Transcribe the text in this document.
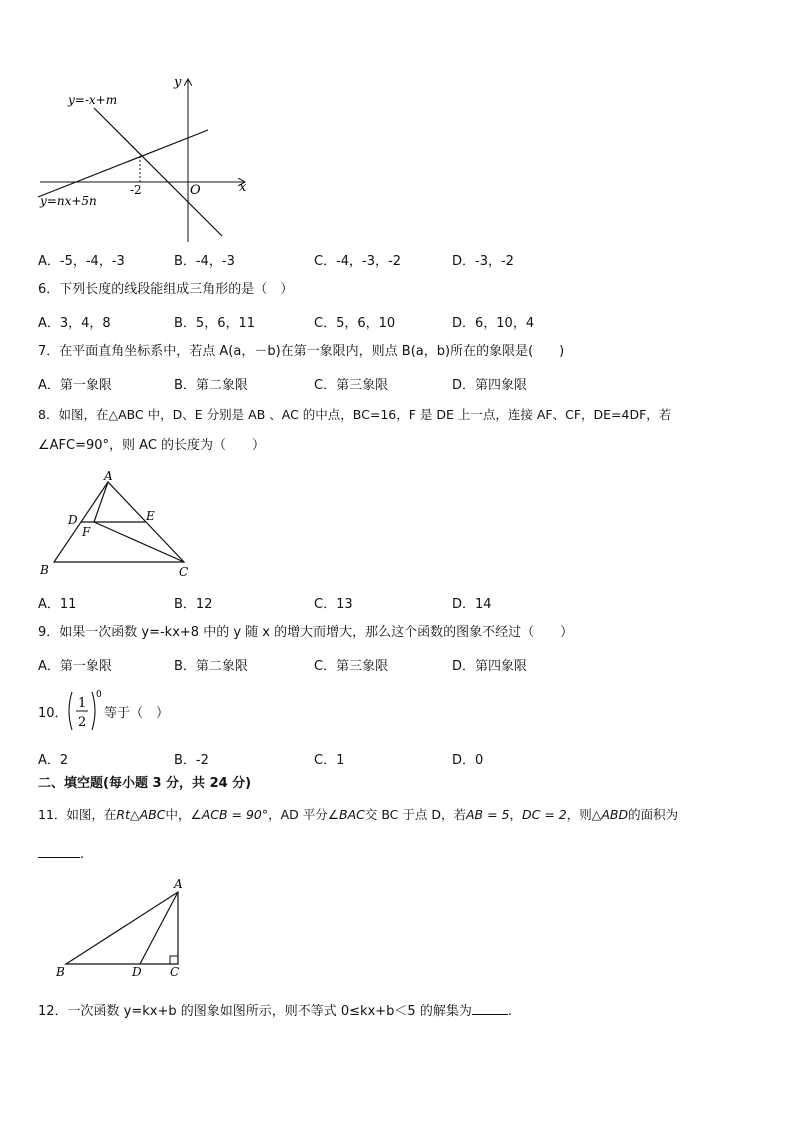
y
x
O
-2
y=-x+m
y=nx+5n
A．-5，-4，-3	B．-4，-3	C．-4，-3，-2	D．-3，-2
6．下列长度的线段能组成三角形的是（　）
A．3，4，8	B．5，6，11	C．5，6，10	D．6，10，4
7．在平面直角坐标系中，若点 A(a，－b)在第一象限内，则点 B(a，b)所在的象限是(　　)
A．第一象限	B．第二象限	C．第三象限	D．第四象限
8．如图，在△ABC 中，D、E 分别是 AB 、AC 的中点，BC=16，F 是 DE 上一点，连接 AF、CF，DE=4DF，若
∠AFC=90°，则 AC 的长度为（　　）
A
B	C
D	E
F
A．11	B．12	C．13	D．14
9．如果一次函数 y=-kx+8 中的 y 随 x 的增大而增大，那么这个函数的图象不经过（　　）
A．第一象限	B．第二象限	C．第三象限	D．第四象限
10．
1
2
0
等于（　）
A．2	B．-2	C．1	D．0
二、填空题(每小题 3 分，共 24 分)
11．如图，在Rt△ABC中，∠ACB = 90°，AD 平分∠BAC交 BC 于点 D，若AB = 5，DC = 2，则△ABD的面积为
.
A
B	D C
12．一次函数 y=kx+b 的图象如图所示，则不等式 0≤kx+b＜5 的解集为	.
